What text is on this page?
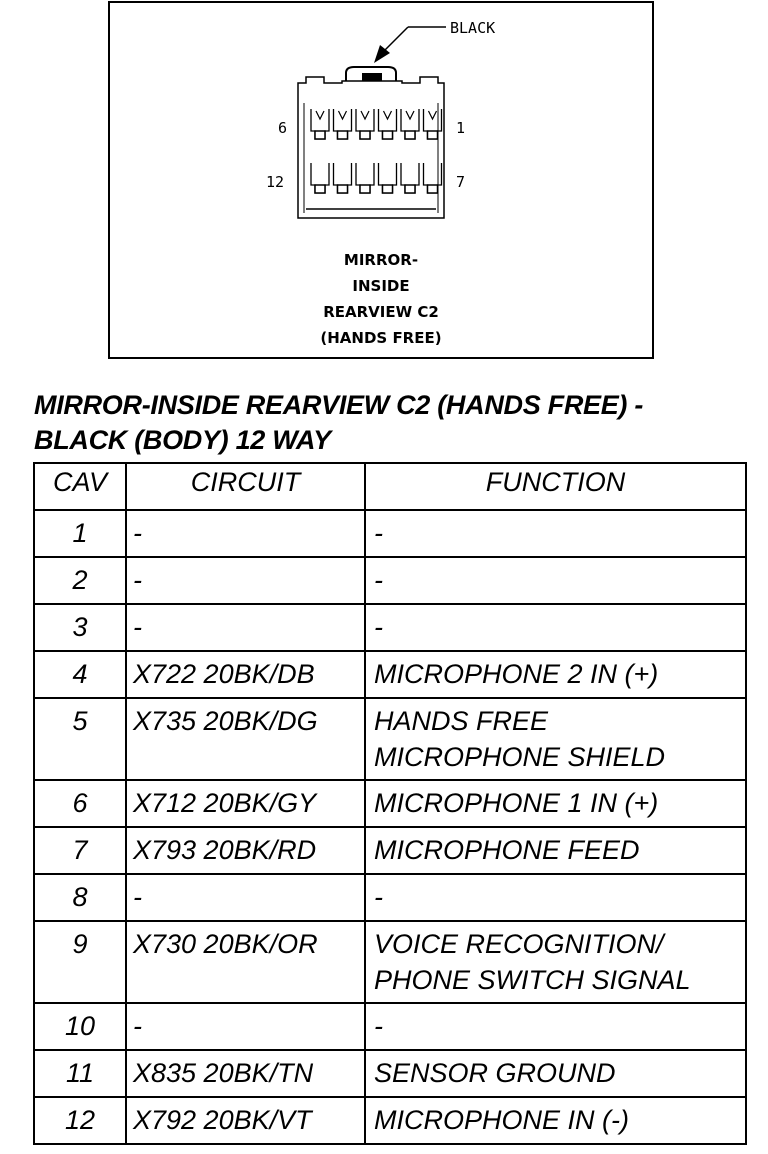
BLACK
6	1
12	7
MIRROR-
INSIDE
REARVIEW C2
(HANDS FREE)
MIRROR-INSIDE REARVIEW C2 (HANDS FREE) -
BLACK (BODY) 12 WAY
CAV	CIRCUIT	FUNCTION
1	-	-

2	-	-

3	-	-

4	X722 20BK/DB	MICROPHONE 2 IN (+)

5	X735 20BK/DG	HANDS FREE
MICROPHONE SHIELD

6	X712 20BK/GY	MICROPHONE 1 IN (+)

7	X793 20BK/RD	MICROPHONE FEED

8	-	-

9	X730 20BK/OR	VOICE RECOGNITION/
PHONE SWITCH SIGNAL

10	-	-

11	X835 20BK/TN	SENSOR GROUND

12	X792 20BK/VT	MICROPHONE IN (-)
